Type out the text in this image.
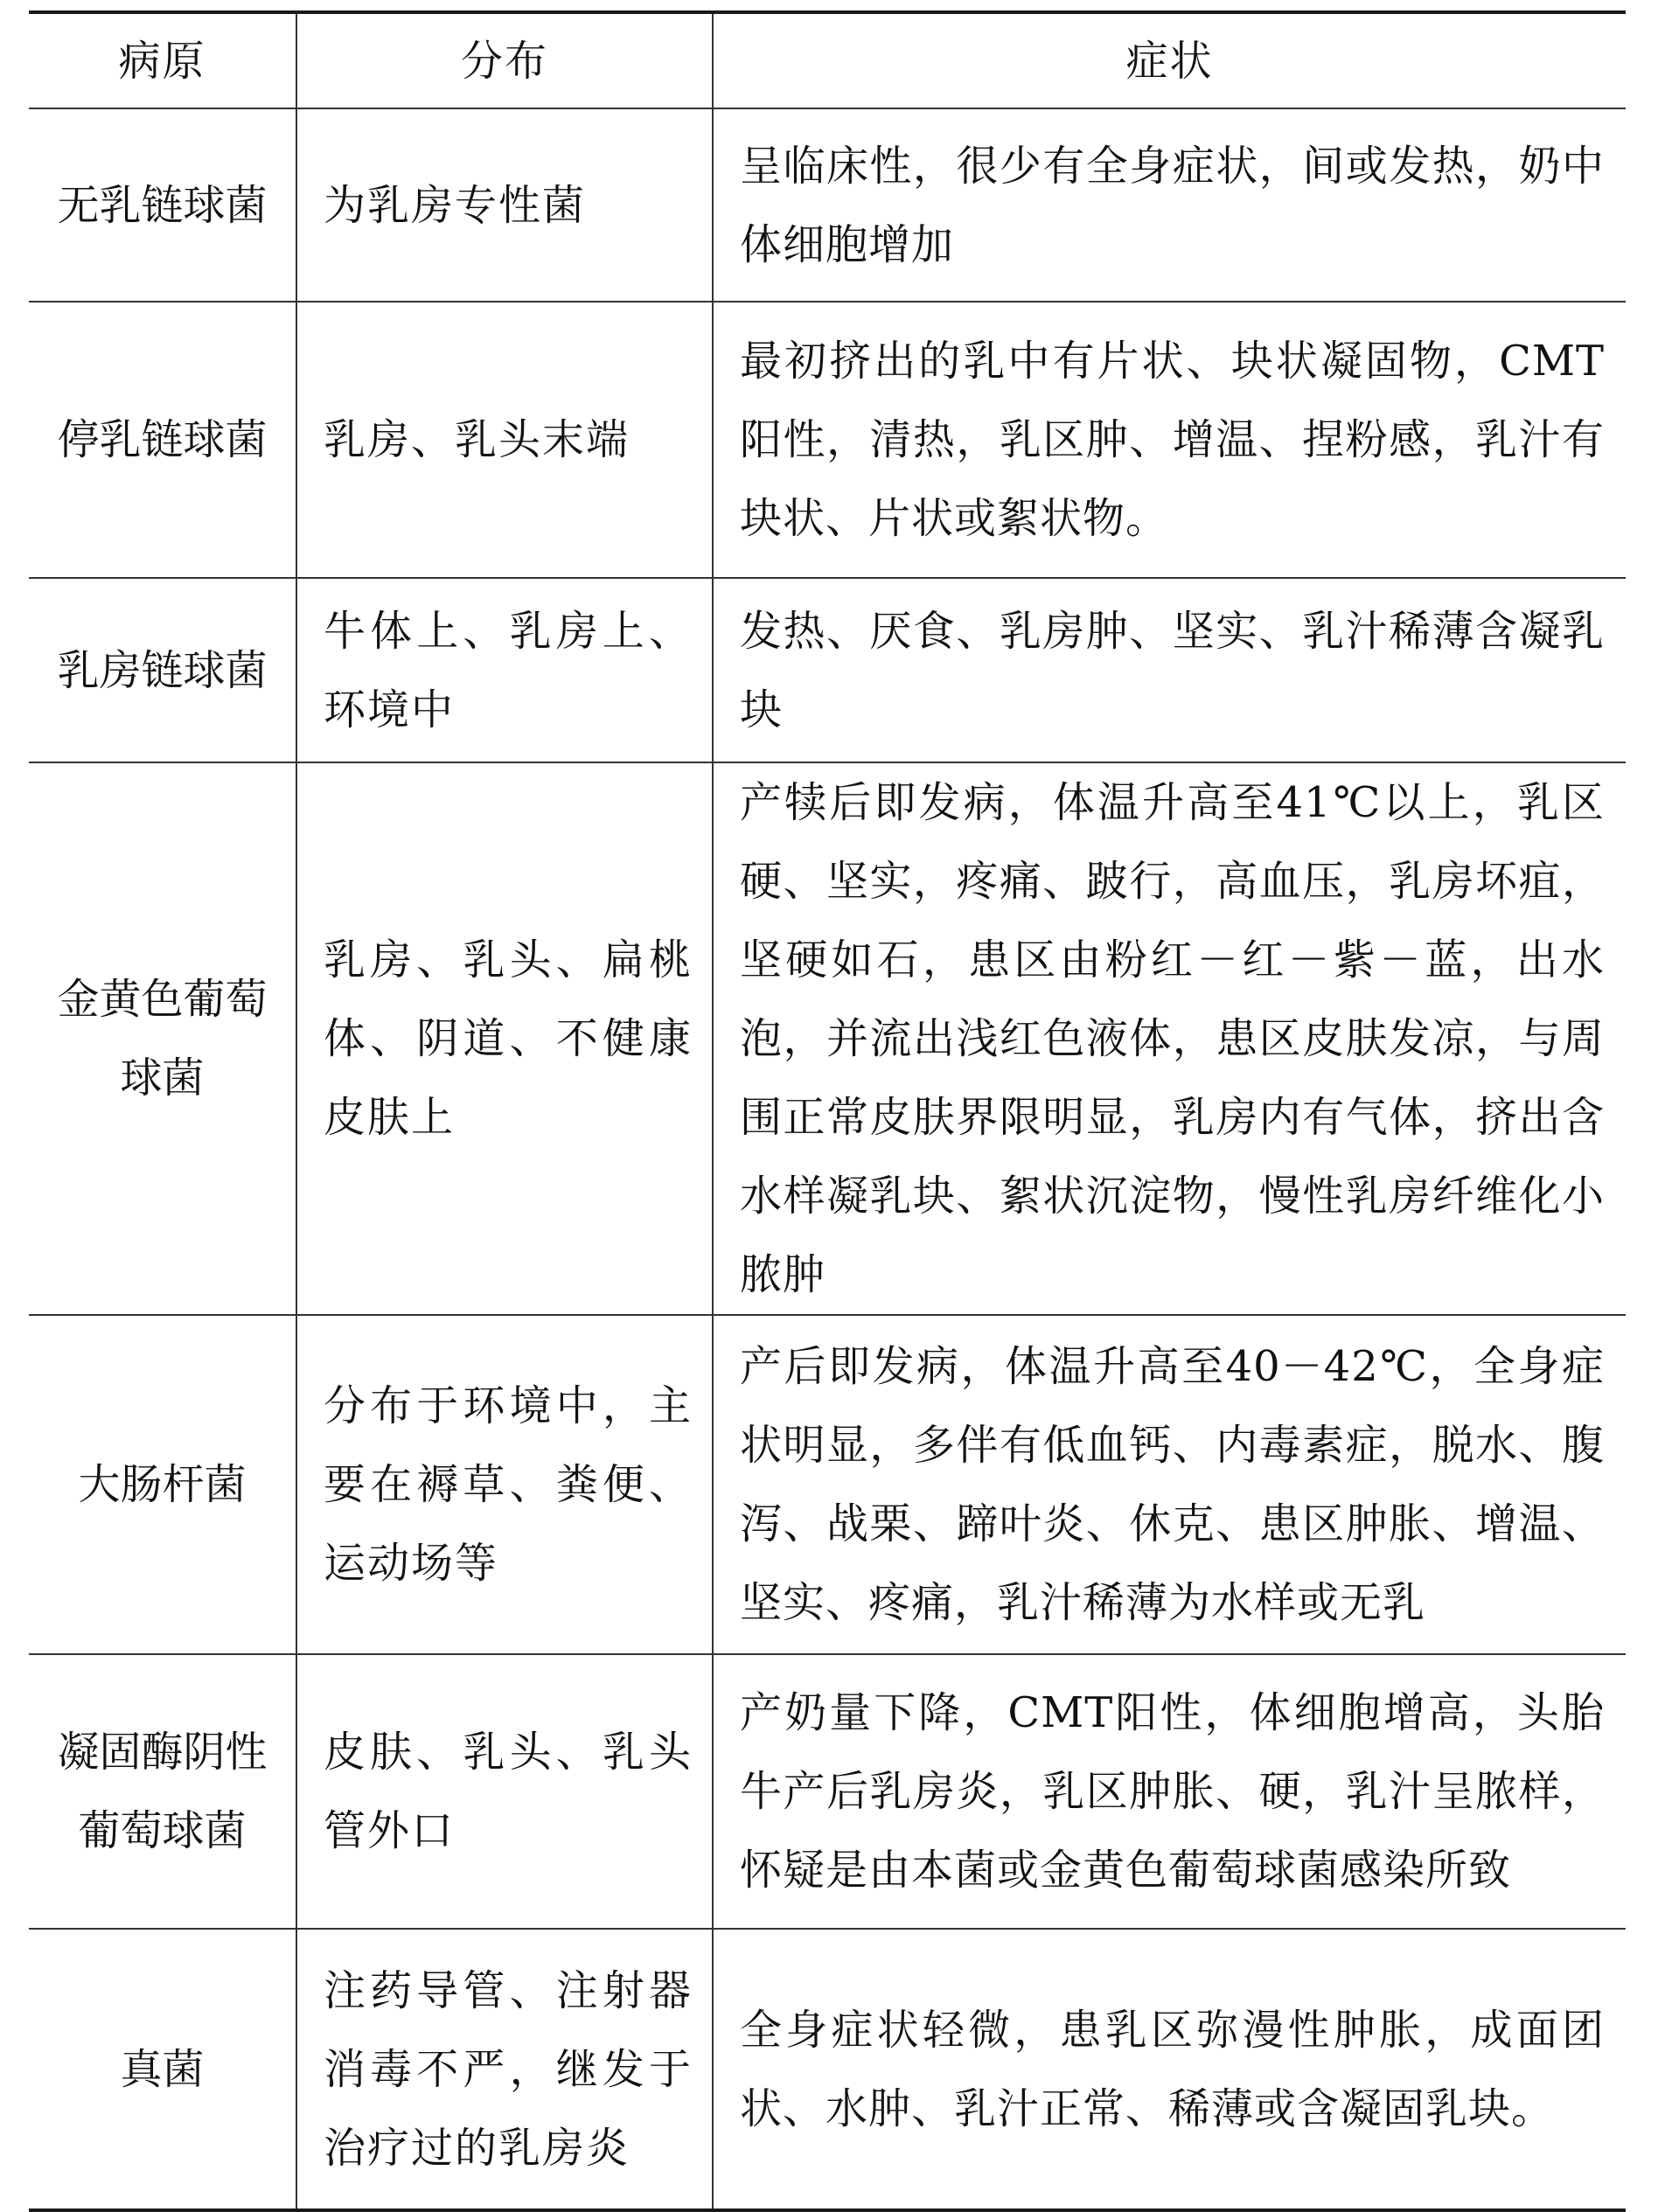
病原	分布	症状
无乳链球菌	为乳房专性菌	呈临床性，很少有全身症状，间或发热，奶中体细胞增加
停乳链球菌	乳房、乳头末端	最初挤出的乳中有片状、块状凝固物，CMT阳性，清热，乳区肿、增温、捏粉感，乳汁有块状、片状或絮状物。
乳房链球菌	牛体上、乳房上、环境中	发热、厌食、乳房肿、坚实、乳汁稀薄含凝乳块
金黄色葡萄球菌	乳房、乳头、扁桃体、阴道、不健康皮肤上	产犊后即发病，体温升高至41℃以上，乳区硬、坚实，疼痛、跛行，高血压，乳房坏疽，坚硬如石，患区由粉红－红－紫－蓝，出水泡，并流出浅红色液体，患区皮肤发凉，与周围正常皮肤界限明显，乳房内有气体，挤出含水样凝乳块、絮状沉淀物，慢性乳房纤维化小脓肿
大肠杆菌	分布于环境中，主要在褥草、粪便、运动场等	产后即发病，体温升高至40－42℃，全身症状明显，多伴有低血钙、内毒素症，脱水、腹泻、战栗、蹄叶炎、休克、患区肿胀、增温、坚实、疼痛，乳汁稀薄为水样或无乳
凝固酶阴性葡萄球菌	皮肤、乳头、乳头管外口	产奶量下降，CMT阳性，体细胞增高，头胎牛产后乳房炎，乳区肿胀、硬，乳汁呈脓样，怀疑是由本菌或金黄色葡萄球菌感染所致
真菌	注药导管、注射器消毒不严，继发于治疗过的乳房炎	全身症状轻微，患乳区弥漫性肿胀，成面团状、水肿、乳汁正常、稀薄或含凝固乳块。
